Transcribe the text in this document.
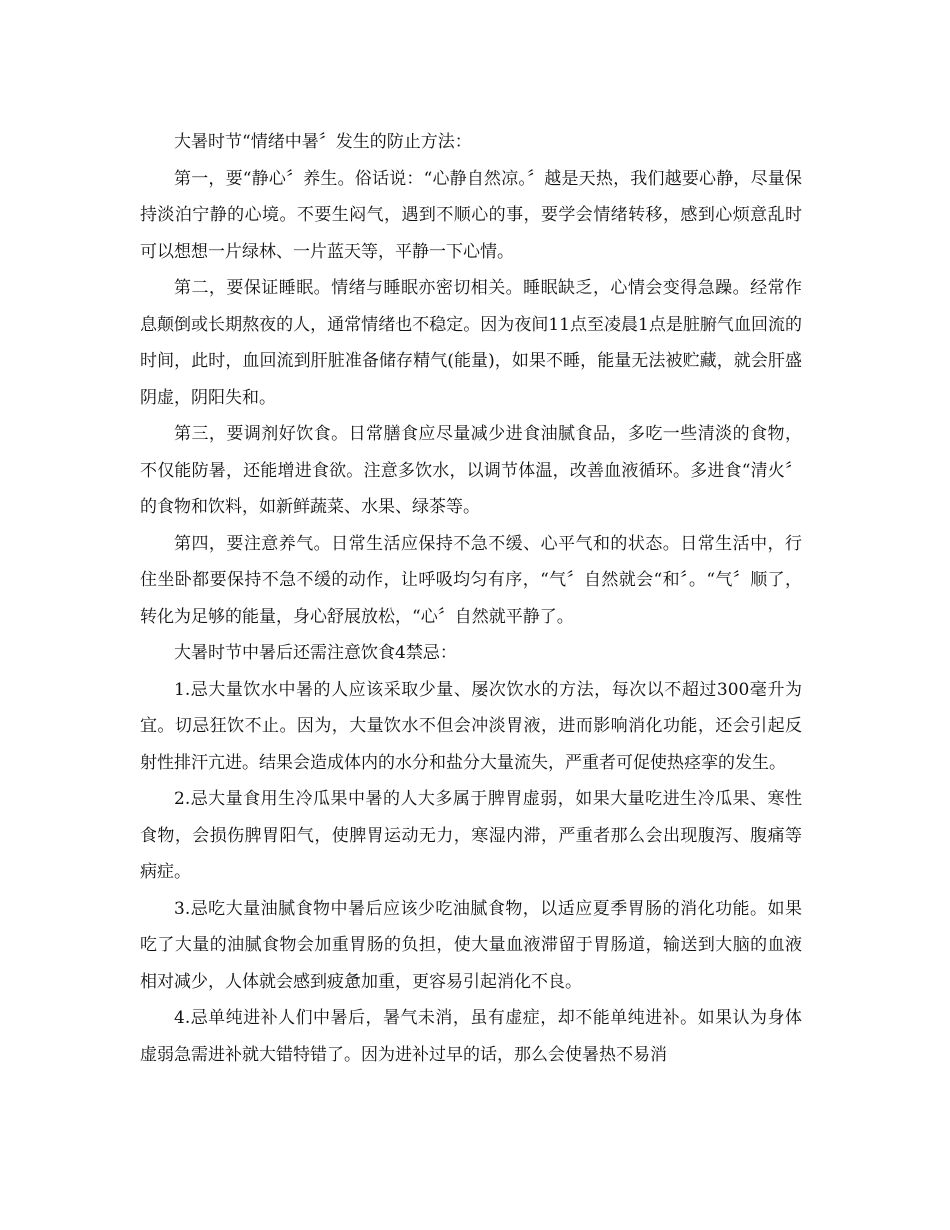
大暑时节“情绪中暑〞发生的防止方法：

第一，要“静心〞养生。俗话说：“心静自然凉。〞越是天热，我们越要心静，尽量保持淡泊宁静的心境。不要生闷气，遇到不顺心的事，要学会情绪转移，感到心烦意乱时可以想想一片绿林、一片蓝天等，平静一下心情。

第二，要保证睡眠。情绪与睡眠亦密切相关。睡眠缺乏，心情会变得急躁。经常作息颠倒或长期熬夜的人，通常情绪也不稳定。因为夜间11点至凌晨1点是脏腑气血回流的时间，此时，血回流到肝脏准备储存精气(能量)，如果不睡，能量无法被贮藏，就会肝盛阴虚，阴阳失和。

第三，要调剂好饮食。日常膳食应尽量减少进食油腻食品，多吃一些清淡的食物，不仅能防暑，还能增进食欲。注意多饮水，以调节体温，改善血液循环。多进食“清火〞的食物和饮料，如新鲜蔬菜、水果、绿茶等。

第四，要注意养气。日常生活应保持不急不缓、心平气和的状态。日常生活中，行住坐卧都要保持不急不缓的动作，让呼吸均匀有序，“气〞自然就会“和〞。“气〞顺了，转化为足够的能量，身心舒展放松，“心〞自然就平静了。

大暑时节中暑后还需注意饮食4禁忌：

1.忌大量饮水中暑的人应该采取少量、屡次饮水的方法，每次以不超过300毫升为宜。切忌狂饮不止。因为，大量饮水不但会冲淡胃液，进而影响消化功能，还会引起反射性排汗亢进。结果会造成体内的水分和盐分大量流失，严重者可促使热痉挛的发生。

2.忌大量食用生冷瓜果中暑的人大多属于脾胃虚弱，如果大量吃进生冷瓜果、寒性食物，会损伤脾胃阳气，使脾胃运动无力，寒湿内滞，严重者那么会出现腹泻、腹痛等病症。

3.忌吃大量油腻食物中暑后应该少吃油腻食物，以适应夏季胃肠的消化功能。如果吃了大量的油腻食物会加重胃肠的负担，使大量血液滞留于胃肠道，输送到大脑的血液相对减少，人体就会感到疲惫加重，更容易引起消化不良。

4.忌单纯进补人们中暑后，暑气未消，虽有虚症，却不能单纯进补。如果认为身体虚弱急需进补就大错特错了。因为进补过早的话，那么会使暑热不易消
